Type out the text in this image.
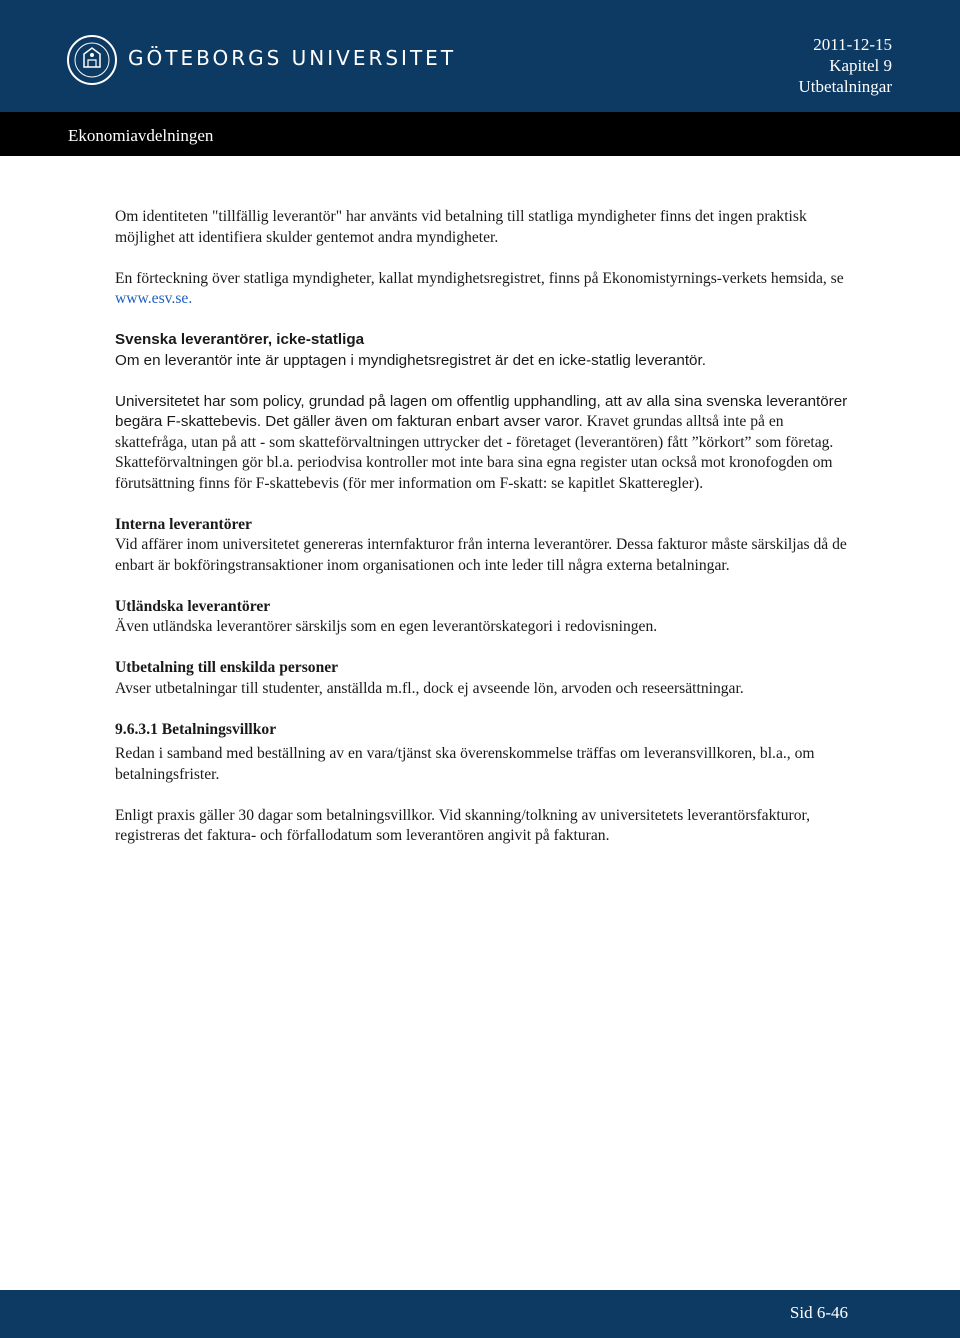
GÖTEBORGS UNIVERSITET
2011-12-15
Kapitel 9
Utbetalningar
Ekonomiavdelningen

Om identiteten "tillfällig leverantör" har använts vid betalning till statliga myndigheter finns det ingen praktisk möjlighet att identifiera skulder gentemot andra myndigheter.

En förteckning över statliga myndigheter, kallat myndighetsregistret, finns på Ekonomistyrnings-verkets hemsida, se www.esv.se.

Svenska leverantörer, icke-statliga

Om en leverantör inte är upptagen i myndighetsregistret är det en icke-statlig leverantör.

Universitetet har som policy, grundad på lagen om offentlig upphandling, att av alla sina svenska leverantörer begära F-skattebevis. Det gäller även om fakturan enbart avser varor. Kravet grundas alltså inte på en skattefråga, utan på att - som skatteförvaltningen uttrycker det - företaget (leverantören) fått ”körkort” som företag. Skatteförvaltningen gör bl.a. periodvisa kontroller mot inte bara sina egna register utan också mot kronofogden om förutsättning finns för F-skattebevis (för mer information om F-skatt: se kapitlet Skatteregler).

Interna leverantörer

Vid affärer inom universitetet genereras internfakturor från interna leverantörer. Dessa fakturor måste särskiljas då de enbart är bokföringstransaktioner inom organisationen och inte leder till några externa betalningar.

Utländska leverantörer

Även utländska leverantörer särskiljs som en egen leverantörskategori i redovisningen.

Utbetalning till enskilda personer

Avser utbetalningar till studenter, anställda m.fl., dock ej avseende lön, arvoden och reseersättningar.

9.6.3.1 Betalningsvillkor

Redan i samband med beställning av en vara/tjänst ska överenskommelse träffas om leveransvillkoren, bl.a., om betalningsfrister.

Enligt praxis gäller 30 dagar som betalningsvillkor. Vid skanning/tolkning av universitetets leverantörsfakturor, registreras det faktura- och förfallodatum som leverantören angivit på fakturan.

Sid 6-46
